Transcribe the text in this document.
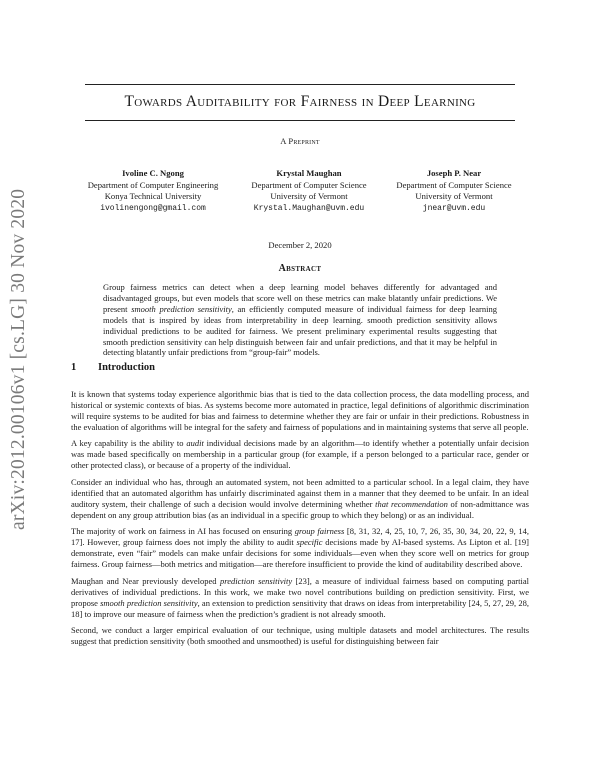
arXiv:2012.00106v1 [cs.LG] 30 Nov 2020
Towards Auditability for Fairness in Deep Learning
A Preprint
Ivoline C. Ngong
Department of Computer Engineering
Konya Technical University
ivolinengong@gmail.com
Krystal Maughan
Department of Computer Science
University of Vermont
Krystal.Maughan@uvm.edu
Joseph P. Near
Department of Computer Science
University of Vermont
jnear@uvm.edu
December 2, 2020
Abstract
Group fairness metrics can detect when a deep learning model behaves differently for advantaged and disadvantaged groups, but even models that score well on these metrics can make blatantly unfair predictions. We present smooth prediction sensitivity, an efficiently computed measure of individual fairness for deep learning models that is inspired by ideas from interpretability in deep learning. smooth prediction sensitivity allows individual predictions to be audited for fairness. We present preliminary experimental results suggesting that smooth prediction sensitivity can help distinguish between fair and unfair predictions, and that it may be helpful in detecting blatantly unfair predictions from “group-fair” models.
1 Introduction

It is known that systems today experience algorithmic bias that is tied to the data collection process, the data modelling process, and historical or systemic contexts of bias. As systems become more automated in practice, legal definitions of algorithmic discrimination will require systems to be audited for bias and fairness to determine whether they are fair or unfair in their predictions. Robustness in the evaluation of algorithms will be integral for the safety and fairness of populations and in maintaining systems that serve all people.

A key capability is the ability to audit individual decisions made by an algorithm—to identify whether a potentially unfair decision was made based specifically on membership in a particular group (for example, if a person belonged to a particular race, gender or other protected class), or because of a property of the individual.

Consider an individual who has, through an automated system, not been admitted to a particular school. In a legal claim, they have identified that an automated algorithm has unfairly discriminated against them in a manner that they deemed to be unfair. In an ideal auditory system, their challenge of such a decision would involve determining whether that recommendation of non-admittance was dependent on any group attribution bias (as an individual in a specific group to which they belong) or as an individual.

The majority of work on fairness in AI has focused on ensuring group fairness [8, 31, 32, 4, 25, 10, 7, 26, 35, 30, 34, 20, 22, 9, 14, 17]. However, group fairness does not imply the ability to audit specific decisions made by AI-based systems. As Lipton et al. [19] demonstrate, even “fair” models can make unfair decisions for some individuals—even when they score well on metrics for group fairness. Group fairness—both metrics and mitigation—are therefore insufficient to provide the kind of auditability described above.

Maughan and Near previously developed prediction sensitivity [23], a measure of individual fairness based on computing partial derivatives of individual predictions. In this work, we make two novel contributions building on prediction sensitivity. First, we propose smooth prediction sensitivity, an extension to prediction sensitivity that draws on ideas from interpretability [24, 5, 27, 29, 28, 18] to improve our measure of fairness when the prediction’s gradient is not already smooth.

Second, we conduct a larger empirical evaluation of our technique, using multiple datasets and model architectures. The results suggest that prediction sensitivity (both smoothed and unsmoothed) is useful for distinguishing between fair
